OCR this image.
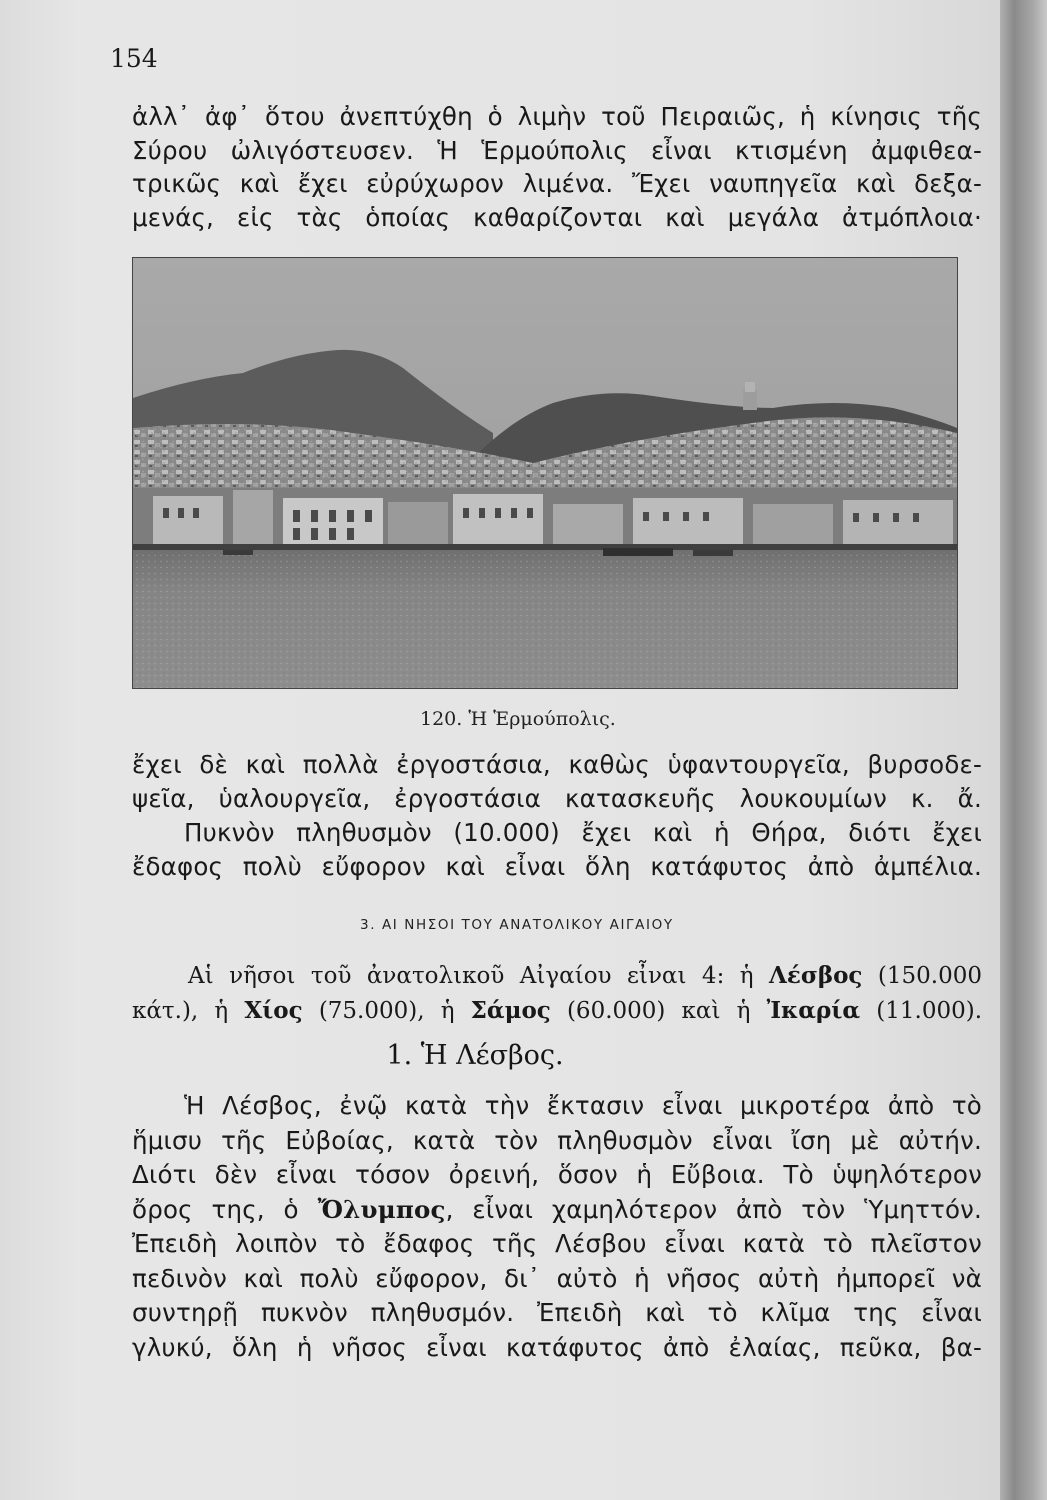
154
ἀλλ᾽ ἀφ᾽ ὅτου ἀνεπτύχθη ὁ λιμὴν τοῦ Πειραιῶς, ἡ κίνησις τῆς
Σύρου ὠλιγόστευσεν. Ἡ Ἑρμούπολις εἶναι κτισμένη ἀμφιθεα-
τρικῶς καὶ ἔχει εὐρύχωρον λιμένα. Ἔχει ναυπηγεῖα καὶ δεξα-
μενάς, εἰς τὰς ὁποίας καθαρίζονται καὶ μεγάλα ἀτμόπλοια·
120. Ἡ Ἑρμούπολις.
ἔχει δὲ καὶ πολλὰ ἐργοστάσια, καθὼς ὑφαντουργεῖα, βυρσοδε-
ψεῖα, ὑαλουργεῖα, ἐργοστάσια κατασκευῆς λουκουμίων κ. ἄ.
Πυκνὸν πληθυσμὸν (10.000) ἔχει καὶ ἡ Θήρα, διότι ἔχει
ἔδαφος πολὺ εὔφορον καὶ εἶναι ὅλη κατάφυτος ἀπὸ ἀμπέλια.
3. ΑΙ ΝΗΣΟΙ ΤΟΥ ΑΝΑΤΟΛΙΚΟΥ ΑΙΓΑΙΟΥ
Αἱ νῆσοι τοῦ ἀνατολικοῦ Αἰγαίου εἶναι 4: ἡ Λέσβος (150.000
κάτ.), ἡ Χίος (75.000), ἡ Σάμος (60.000) καὶ ἡ Ἰκαρία (11.000).
1. Ἡ Λέσβος.
Ἡ Λέσβος, ἐνῷ κατὰ τὴν ἔκτασιν εἶναι μικροτέρα ἀπὸ τὸ
ἥμισυ τῆς Εὐβοίας, κατὰ τὸν πληθυσμὸν εἶναι ἴση μὲ αὐτήν.
Διότι δὲν εἶναι τόσον ὀρεινή, ὅσον ἡ Εὔβοια. Τὸ ὑψηλότερον
ὄρος της, ὁ Ὄλυμπος, εἶναι χαμηλότερον ἀπὸ τὸν Ὑμηττόν.
Ἐπειδὴ λοιπὸν τὸ ἔδαφος τῆς Λέσβου εἶναι κατὰ τὸ πλεῖστον
πεδινὸν καὶ πολὺ εὔφορον, δι᾽ αὐτὸ ἡ νῆσος αὐτὴ ἠμπορεῖ νὰ
συντηρῇ πυκνὸν πληθυσμόν. Ἐπειδὴ καὶ τὸ κλῖμα της εἶναι
γλυκύ, ὅλη ἡ νῆσος εἶναι κατάφυτος ἀπὸ ἐλαίας, πεῦκα, βα-
